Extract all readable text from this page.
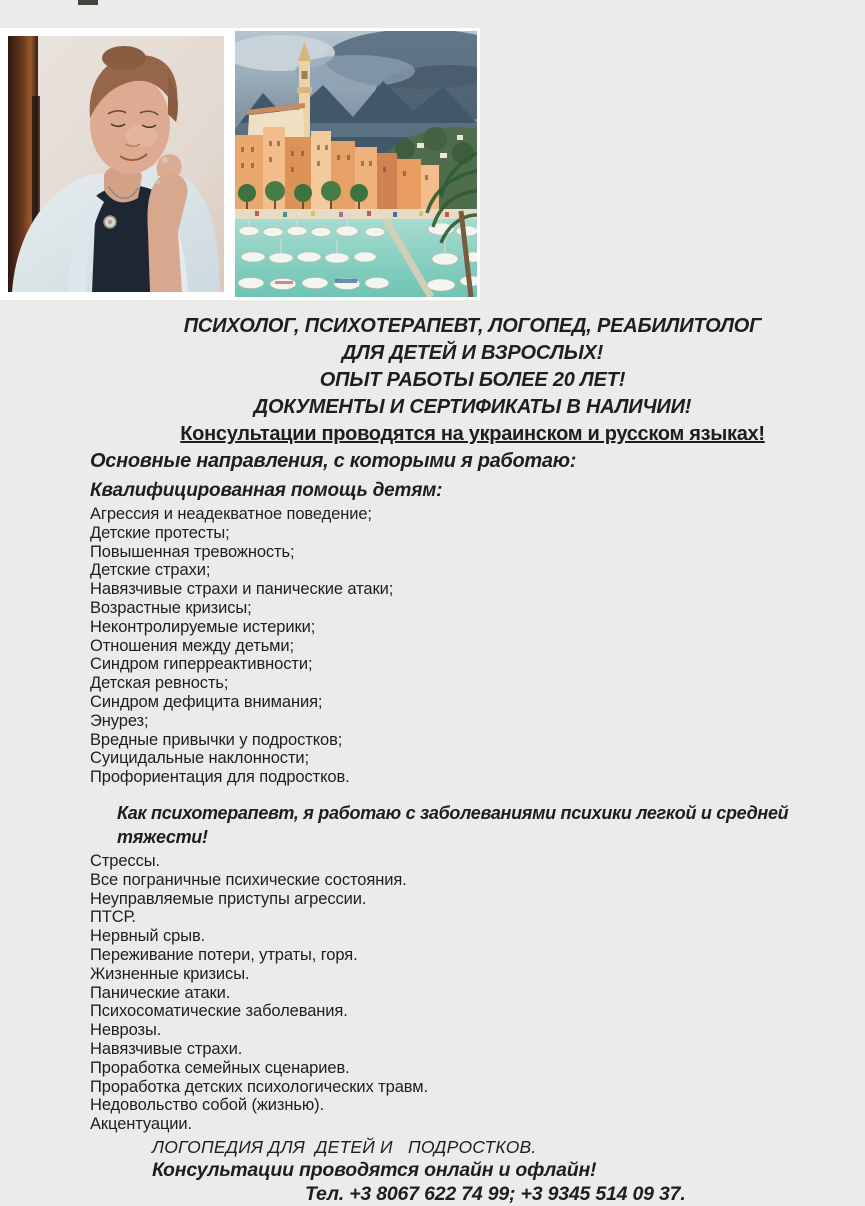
ПСИХОЛОГ, ПСИХОТЕРАПЕВТ, ЛОГОПЕД, РЕАБИЛИТОЛОГ
ДЛЯ ДЕТЕЙ И ВЗРОСЛЫХ!
ОПЫТ РАБОТЫ БОЛЕЕ 20 ЛЕТ!
ДОКУМЕНТЫ И СЕРТИФИКАТЫ В НАЛИЧИИ!
Консультации проводятся на украинском и русском языках!
Основные направления, с которыми я работаю:
Квалифицированная помощь детям:
Агрессия и неадекватное поведение;
Детские протесты;
Повышенная тревожность;
Детские страхи;
Навязчивые страхи и панические атаки;
Возрастные кризисы;
Неконтролируемые истерики;
Отношения между детьми;
Синдром гиперреактивности;
Детская ревность;
Синдром дефицита внимания;
Энурез;
Вредные привычки у подростков;
Суицидальные наклонности;
Профориентация для подростков.
Как психотерапевт, я работаю с заболеваниями психики легкой и средней тяжести!
Стрессы.
Все пограничные психические состояния.
Неуправляемые приступы агрессии.
ПТСР.
Нервный срыв.
Переживание потери, утраты, горя.
Жизненные кризисы.
Панические атаки.
Психосоматические заболевания.
Неврозы.
Навязчивые страхи.
Проработка семейных сценариев.
Проработка детских психологических травм.
Недовольство собой (жизнью).
Акцентуации.
ЛОГОПЕДИЯ ДЛЯ  ДЕТЕЙ И   ПОДРОСТКОВ.
Консультации проводятся онлайн и офлайн!
Тел. +3 8067 622 74 99; +3 9345 514 09 37.
